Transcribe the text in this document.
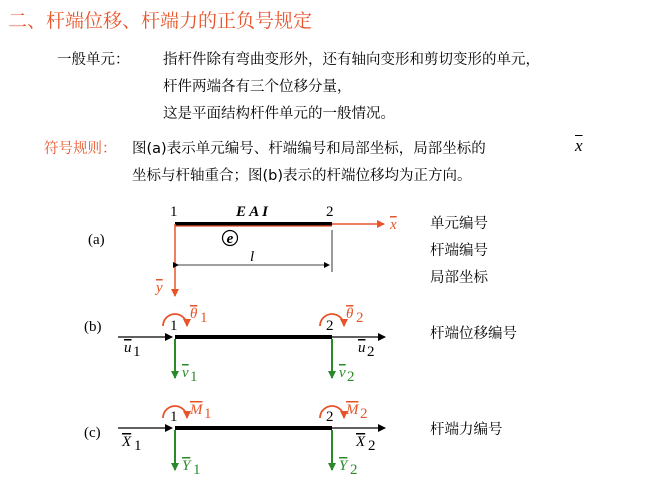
二、杆端位移、杆端力的正负号规定
一般单元： 指杆件除有弯曲变形外，还有轴向变形和剪切变形的单元，
杆件两端各有三个位移分量，
这是平面结构杆件单元的一般情况。
符号规则： 图(a)表示单元编号、杆端编号和局部坐标，局部坐标的	$\overline{x}$
坐标与杆轴重合；图(b)表示的杆端位移均为正方向。
(a)
1	2
E A I
x
y
e
l
(b)	1	2
θ 1	θ 2
u 1	u 2
v 1	v 2
(c)
1	2
M 1	M 2
X 1	X 2
Y 1	Y 2
单元编号
杆端编号
局部坐标
杆端位移编号
杆端力编号
